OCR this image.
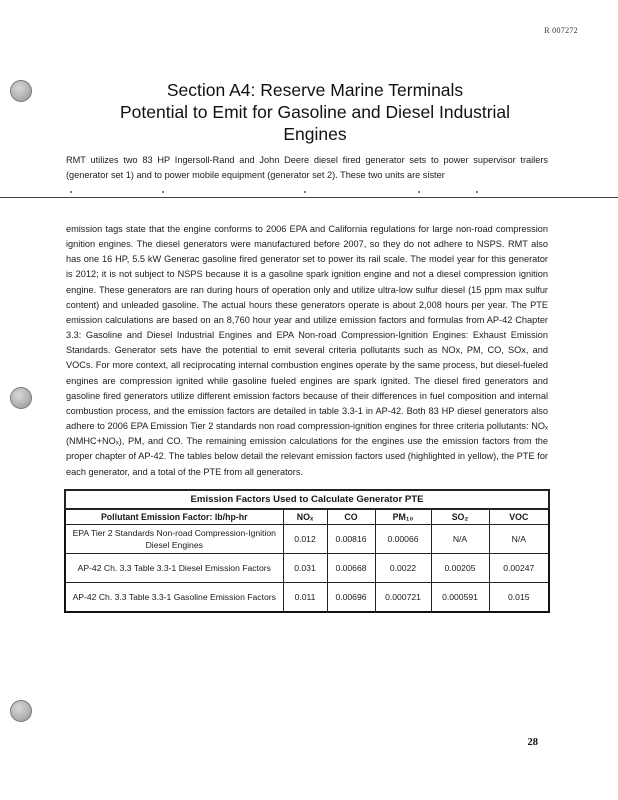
R 007272
Section A4: Reserve Marine Terminals
Potential to Emit for Gasoline and Diesel Industrial
Engines
RMT utilizes two 83 HP Ingersoll-Rand and John Deere diesel fired generator sets to power supervisor trailers (generator set 1) and to power mobile equipment (generator set 2). These two units are sister
emission tags state that the engine conforms to 2006 EPA and California regulations for large non-road compression ignition engines. The diesel generators were manufactured before 2007, so they do not adhere to NSPS. RMT also has one 16 HP, 5.5 kW Generac gasoline fired generator set to power its rail scale. The model year for this generator is 2012; it is not subject to NSPS because it is a gasoline spark ignition engine and not a diesel compression ignition engine. These generators are ran during hours of operation only and utilize ultra-low sulfur diesel (15 ppm max sulfur content) and unleaded gasoline. The actual hours these generators operate is about 2,008 hours per year. The PTE emission calculations are based on an 8,760 hour year and utilize emission factors and formulas from AP-42 Chapter 3.3: Gasoline and Diesel Industrial Engines and EPA Non-road Compression-Ignition Engines: Exhaust Emission Standards. Generator sets have the potential to emit several criteria pollutants such as NOx, PM, CO, SOx, and VOCs. For more context, all reciprocating internal combustion engines operate by the same process, but diesel-fueled engines are compression ignited while gasoline fueled engines are spark ignited. The diesel fired generators and gasoline fired generators utilize different emission factors because of their differences in fuel composition and internal combustion process, and the emission factors are detailed in table 3.3-1 in AP-42. Both 83 HP diesel generators also adhere to 2006 EPA Emission Tier 2 standards non road compression-ignition engines for three criteria pollutants: NOₓ (NMHC+NOₓ), PM, and CO. The remaining emission calculations for the engines use the emission factors from the proper chapter of AP-42. The tables below detail the relevant emission factors used (highlighted in yellow), the PTE for each generator, and a total of the PTE from all generators.
Emission Factors Used to Calculate Generator PTE					
Pollutant Emission Factor: lb/hp-hr	NOₓ	CO	PM₁₀	SO₂	VOC
EPA Tier 2 Standards Non-road Compression-Ignition Diesel Engines	0.012	0.00816	0.00066	N/A	N/A
AP-42 Ch. 3.3 Table 3.3-1 Diesel Emission Factors	0.031	0.00668	0.0022	0.00205	0.00247
AP-42 Ch. 3.3 Table 3.3-1 Gasoline Emission Factors	0.011	0.00696	0.000721	0.000591	0.015
28
